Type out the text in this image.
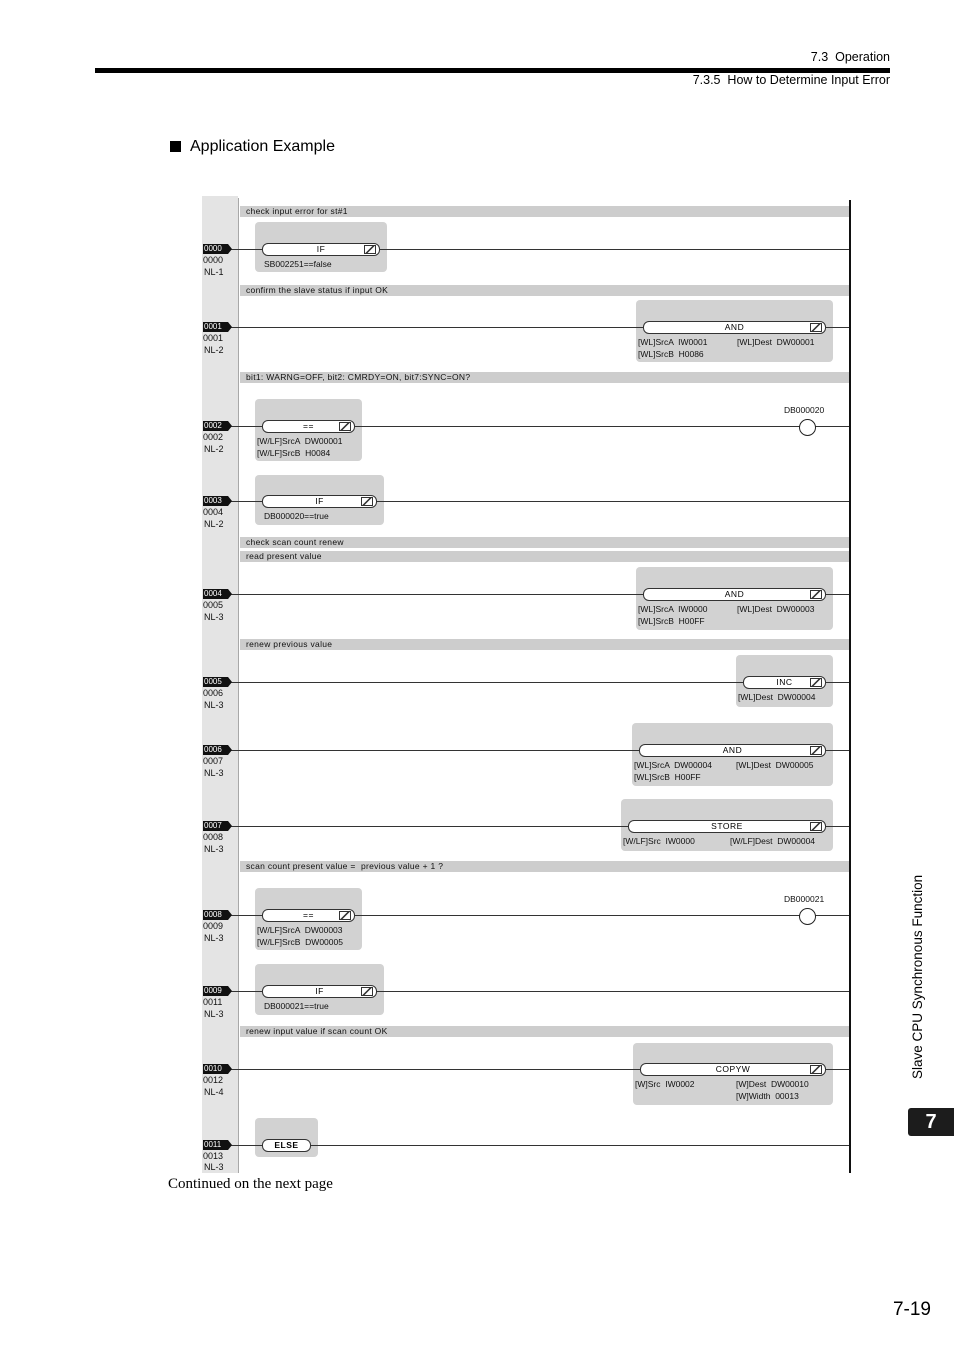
7.3  Operation
7.3.5  How to Determine Input Error
Application Example
check input error for st#1
confirm the slave status if input OK
bit1: WARNG=OFF, bit2: CMRDY=ON, bit7:SYNC=ON?
check scan count renew
read present value
renew previous value
scan count present value =  previous value + 1 ?
renew input value if scan count OK
0000
0000
NL-1
IF
SB002251==false
0001
0001
NL-2
AND
[WL]SrcA  IW0001	[WL]Dest  DW00001
[WL]SrcB  H0086
0002
0002
NL-2
==
[W/LF]SrcA  DW00001
[W/LF]SrcB  H0084
DB000020
0003
0004
NL-2
IF
DB000020==true
0004
0005
NL-3
AND
[WL]SrcA  IW0000	[WL]Dest  DW00003
[WL]SrcB  H00FF
0005
0006
NL-3
INC
[WL]Dest  DW00004
0006
0007
NL-3
AND
[WL]SrcA  DW00004	[WL]Dest  DW00005
[WL]SrcB  H00FF
0007
0008
NL-3
STORE
[W/LF]Src  IW0000	[W/LF]Dest  DW00004
0008
0009
NL-3
==
[W/LF]SrcA  DW00003
[W/LF]SrcB  DW00005
DB000021
0009
0011
NL-3
IF
DB000021==true
0010
0012
NL-4
COPYW
[W]Src  IW0002	[W]Dest  DW00010
[W]Width  00013
0011
0013
NL-3
ELSE
Continued on the next page
Slave CPU Synchronous Function
7
7-19
